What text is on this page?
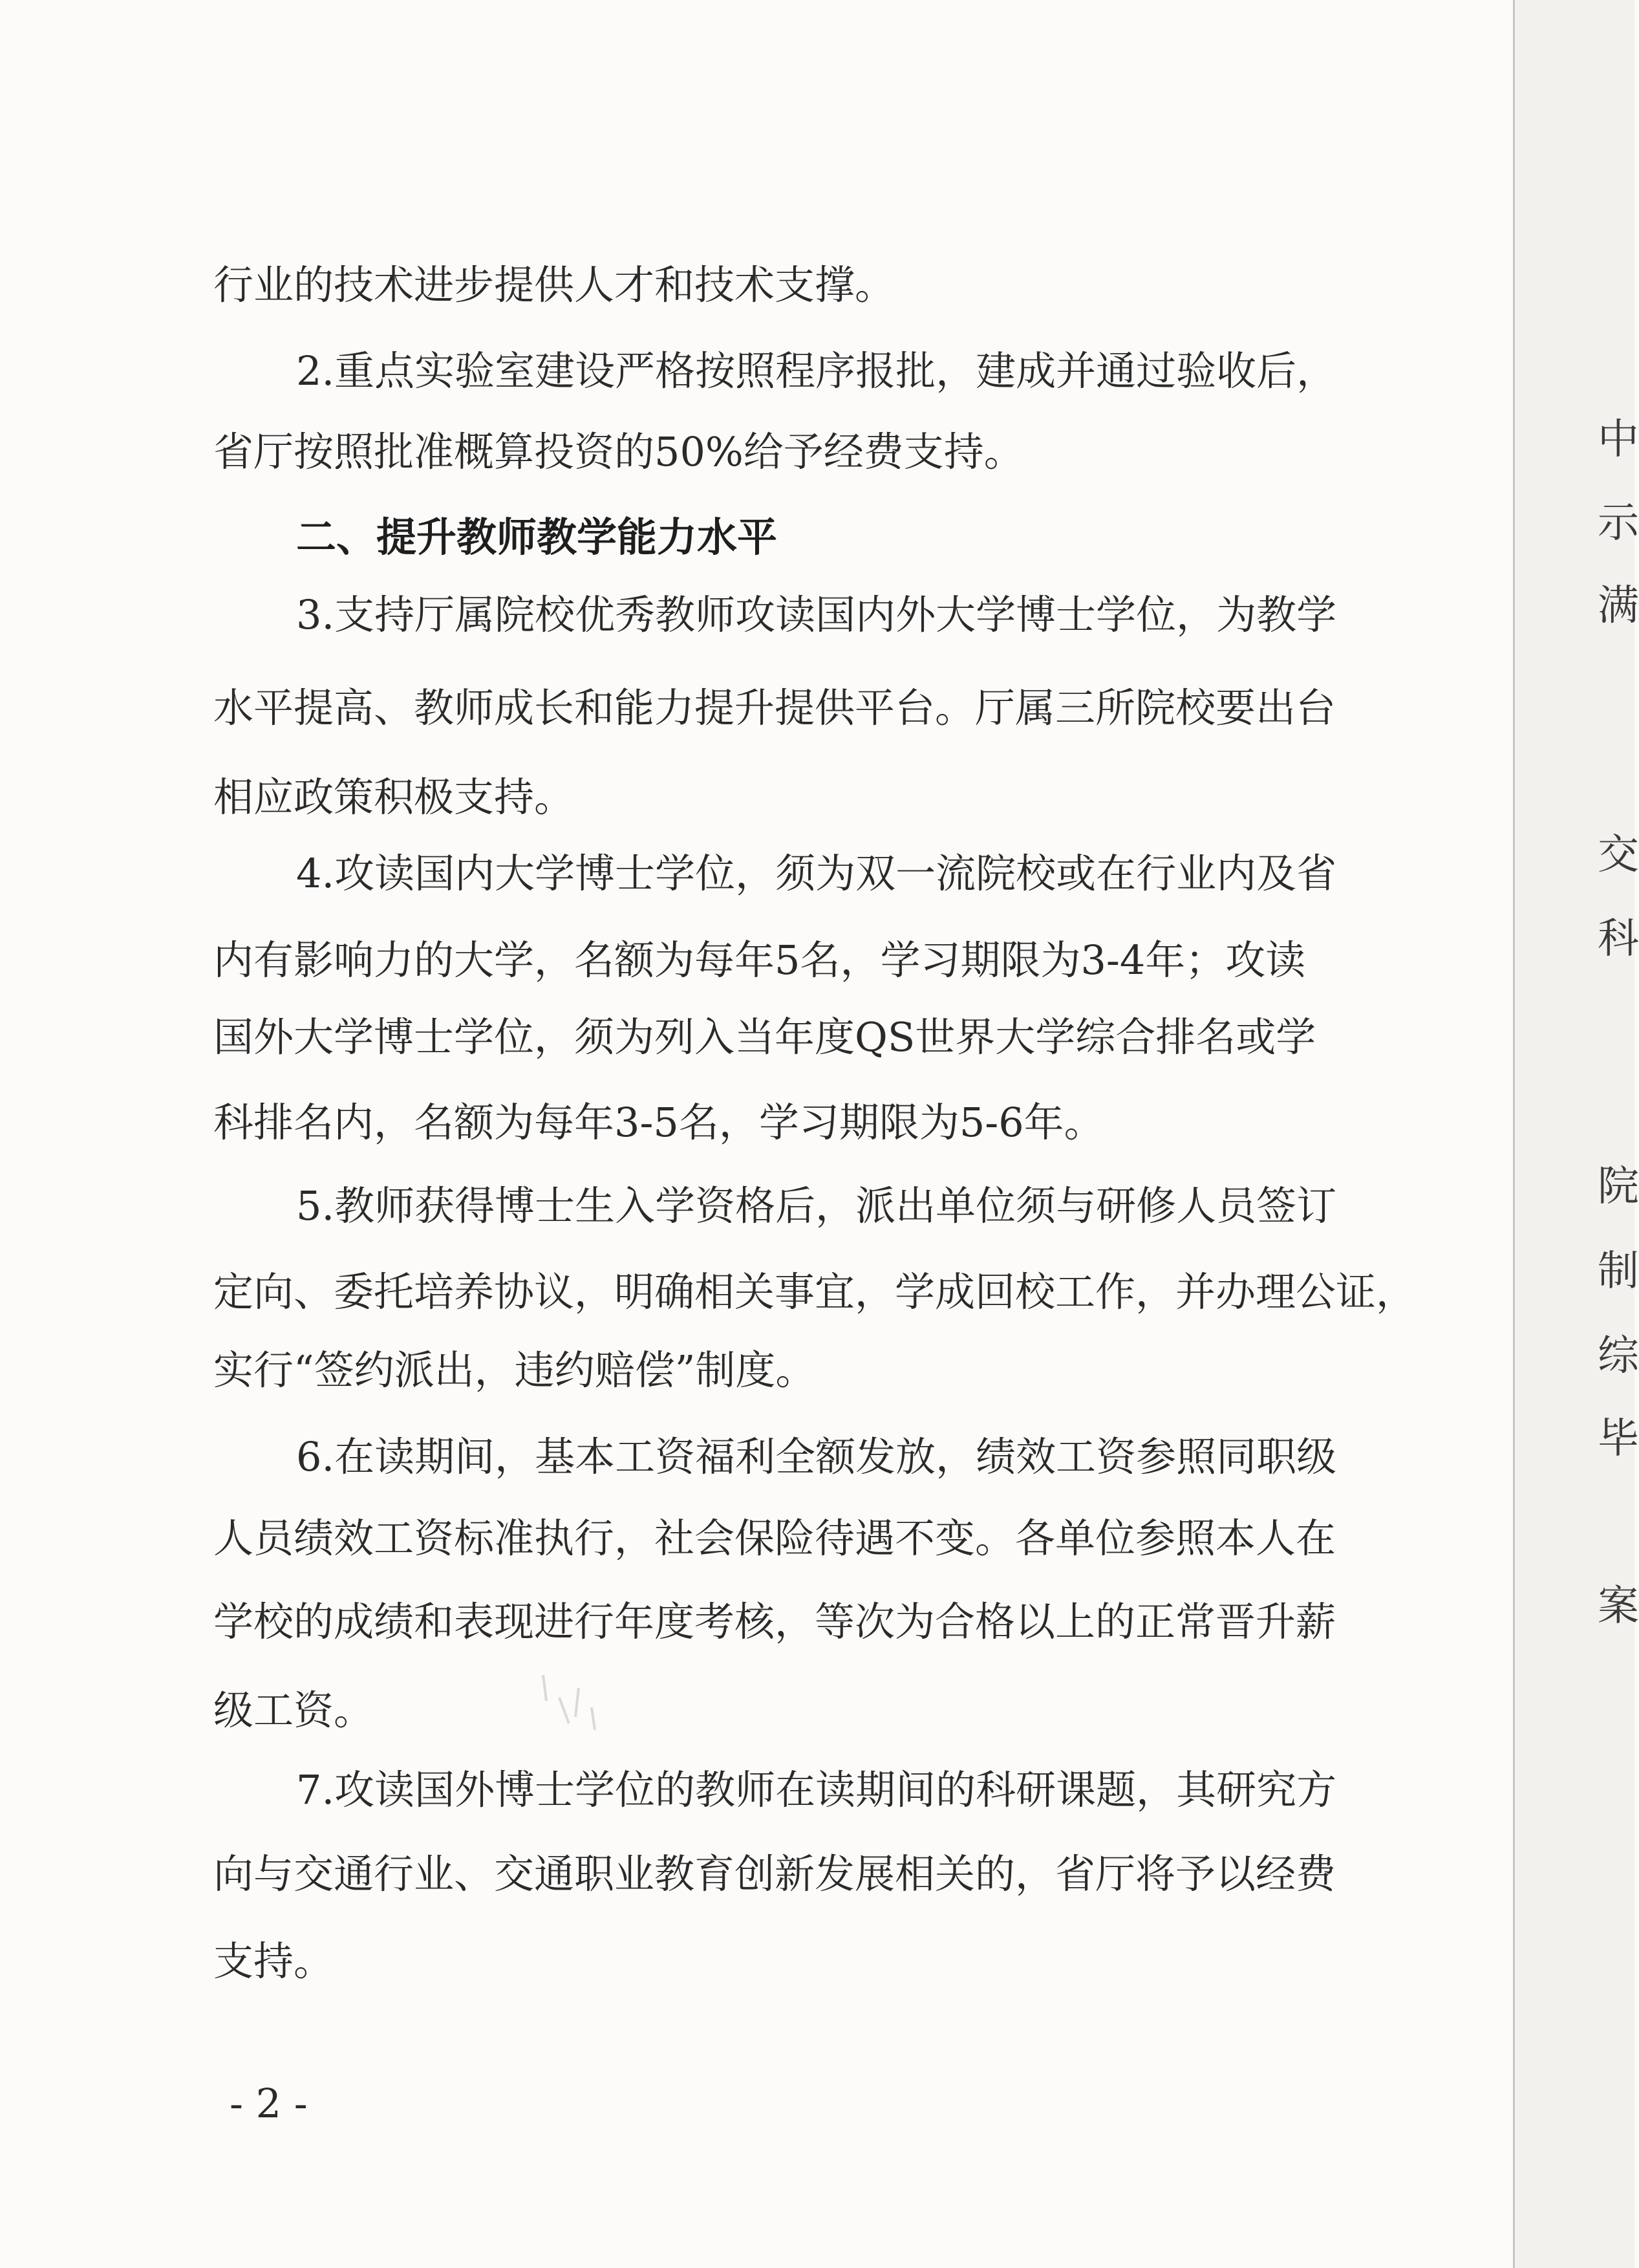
行业的技术进步提供人才和技术支撑。
2.重点实验室建设严格按照程序报批，建成并通过验收后，
省厅按照批准概算投资的50%给予经费支持。
二、提升教师教学能力水平
3.支持厅属院校优秀教师攻读国内外大学博士学位，为教学
水平提高、教师成长和能力提升提供平台。厅属三所院校要出台
相应政策积极支持。
4.攻读国内大学博士学位，须为双一流院校或在行业内及省
内有影响力的大学，名额为每年5名，学习期限为3-4年；攻读
国外大学博士学位，须为列入当年度QS世界大学综合排名或学
科排名内，名额为每年3-5名，学习期限为5-6年。
5.教师获得博士生入学资格后，派出单位须与研修人员签订
定向、委托培养协议，明确相关事宜，学成回校工作，并办理公证，
实行“签约派出，违约赔偿”制度。
6.在读期间，基本工资福利全额发放，绩效工资参照同职级
人员绩效工资标准执行，社会保险待遇不变。各单位参照本人在
学校的成绩和表现进行年度考核，等次为合格以上的正常晋升薪
级工资。
7.攻读国外博士学位的教师在读期间的科研课题，其研究方
向与交通行业、交通职业教育创新发展相关的，省厅将予以经费
支持。
- 2 -
中
示
满
交
科
院
制
综
毕
案
